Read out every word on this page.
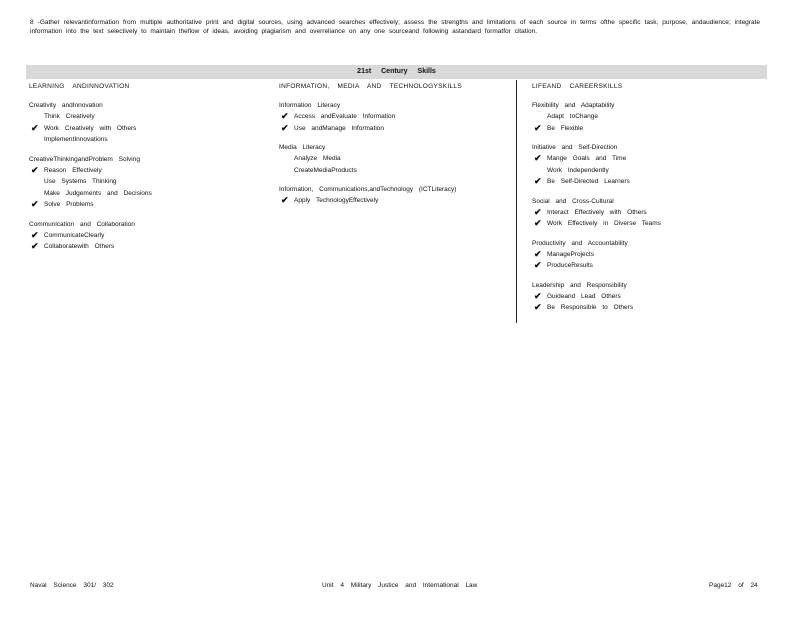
8 -Gather relevantinformation from multiple authoritative print and digital sources, using advanced searches effectively; assess the strengths and limitations of each source in terms ofthe specific task, purpose, andaudience; integrate information into the text selectively to maintain theflow of ideas, avoiding plagiarism and overreliance on any one sourceand following astandard formatfor citation.
21st Century Skills
LEARNING ANDINNOVATION
Creativity andInnovation
Think Creatively
✔ Work Creatively with Others
ImplementInnovations
CreativeThinkingandProblem Solving
✔ Reason Effectively
Use Systems Thinking
Make Judgements and Decisions
✔ Solve Problems
Communication and Collaboration
✔ CommunicateClearly
✔ Collaboratewith Others
INFORMATION, MEDIA AND TECHNOLOGYSKILLS
Information Literacy
✔ Access andEvaluate Information
✔ Use andManage Information
Media Literacy
Analyze Media
CreateMediaProducts
Information, Communications,andTechnology (ICTLiteracy)
✔ Apply TechnologyEffectively
LIFEAND CAREERSKILLS
Flexibility and Adaptability
Adapt toChange
✔ Be Flexible
Initiative and Self-Direction
✔ Mange Goals and Time
Work Independently
✔ Be Self-Directed Learners
Social and Cross-Cultural
✔ Interact Effectively with Others
✔ Work Effectively in Diverse Teams
Productivity and Accountability
✔ ManageProjects
✔ ProduceResults
Leadership and Responsibility
✔ Guideand Lead Others
✔ Be Responsible to Others
Naval Science 301/ 302	Unit 4 Military Justice and International Law	Page12 of 24
